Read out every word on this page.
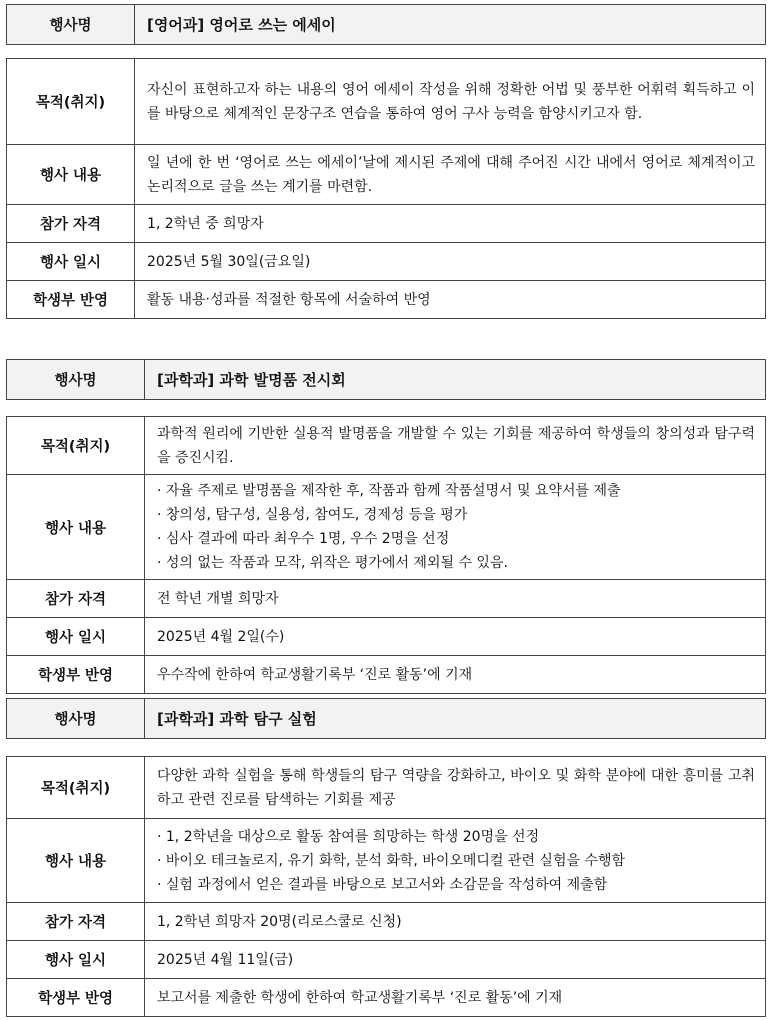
행사명	[영어과] 영어로 쓰는 에세이
목적(취지)	자신이 표현하고자 하는 내용의 영어 에세이 작성을 위해 정확한 어법 및 풍부한 어휘력 획득하고 이를 바탕으로 체계적인 문장구조 연습을 통하여 영어 구사 능력을 함양시키고자 함.
행사 내용	일 년에 한 번 ‘영어로 쓰는 에세이’날에 제시된 주제에 대해 주어진 시간 내에서 영어로 체계적이고 논리적으로 글을 쓰는 계기를 마련함.
참가 자격	1, 2학년 중 희망자
행사 일시	2025년 5월 30일(금요일)
학생부 반영	활동 내용‧성과를 적절한 항목에 서술하여 반영
행사명	[과학과] 과학 발명품 전시회
목적(취지)	과학적 원리에 기반한 실용적 발명품을 개발할 수 있는 기회를 제공하여 학생들의 창의성과 탐구력을 증진시킴.
행사 내용	· 자율 주제로 발명품을 제작한 후, 작품과 함께 작품설명서 및 요약서를 제출
· 창의성, 탐구성, 실용성, 참여도, 경제성 등을 평가
· 심사 결과에 따라 최우수 1명, 우수 2명을 선정
· 성의 없는 작품과 모작, 위작은 평가에서 제외될 수 있음.

참가 자격	전 학년 개별 희망자
행사 일시	2025년 4월 2일(수)
학생부 반영	우수작에 한하여 학교생활기록부 ‘진로 활동’에 기재
행사명	[과학과] 과학 탐구 실험
목적(취지)	다양한 과학 실험을 통해 학생들의 탐구 역량을 강화하고, 바이오 및 화학 분야에 대한 흥미를 고취하고 관련 진로를 탐색하는 기회를 제공
행사 내용	· 1, 2학년을 대상으로 활동 참여를 희망하는 학생 20명을 선정
· 바이오 테크놀로지, 유기 화학, 분석 화학, 바이오메디컬 관련 실험을 수행함
· 실험 과정에서 얻은 결과를 바탕으로 보고서와 소감문을 작성하여 제출함

참가 자격	1, 2학년 희망자 20명(리로스쿨로 신청)
행사 일시	2025년 4월 11일(금)
학생부 반영	보고서를 제출한 학생에 한하여 학교생활기록부 ‘진로 활동’에 기재
